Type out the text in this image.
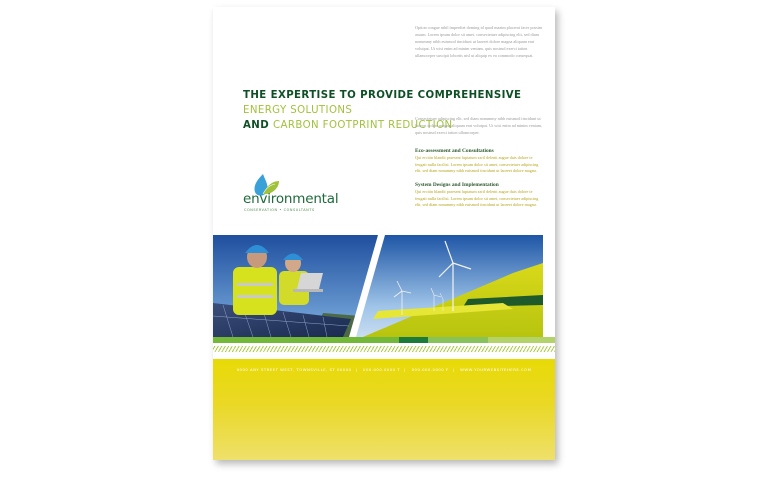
Option congue nihil imperdiet doming id quod mazim placerat facer possim assum. Lorem ipsum dolor sit amet, consectetuer adipiscing elit, sed diam nonummy nibh euismod tincidunt ut laoreet dolore magna aliquam erat volutpat. Ut wisi enim ad minim veniam, quis nostrud exerci tation ullamcorper suscipit lobortis nisl ut aliquip ex ea commodo consequat.

THE EXPERTISE TO PROVIDE COMPREHENSIVE ENERGY SOLUTIONS
AND CARBON FOOTPRINT REDUCTION

Consectetuer adipiscing elit, sed diam nonummy nibh euismod tincidunt ut laoreet dolore magna aliquam erat volutpat. Ut wisi enim ad minim veniam, quis nostrud exerci tation ullamcorper.

Eco-assessment and Consultations

Qui ercitin blandit praesent luptatum zzril delenit augue duis dolore te feugait nulla facilisi. Lorem ipsum dolor sit amet, consectetuer adipiscing elit, sed diam nonummy nibh euismod tincidunt ut laoreet dolore magna.

System Designs and Implementation

Qui ercitin blandit praesent luptatum zzril delenit augue duis dolore te feugait nulla facilisi. Lorem ipsum dolor sit amet, consectetuer adipiscing elit, sed diam nonummy nibh euismod tincidunt ut laoreet dolore magna.

environmental
CONSERVATION • CONSULTANTS
0000 ANY STREET WEST, TOWNSVILLE, ST 00000 | 000.000.0000 T | 000.000.0000 F | WWW.YOURWEBSITEHERE.COM
